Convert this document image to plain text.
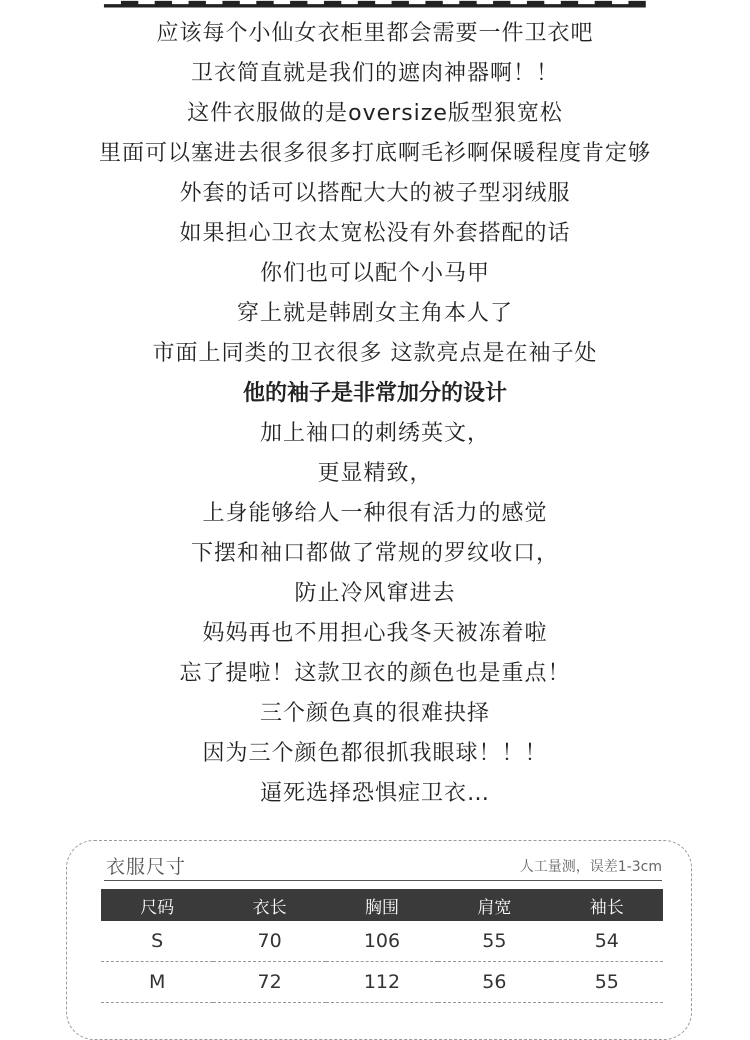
应该每个小仙女衣柜里都会需要一件卫衣吧
卫衣简直就是我们的遮肉神器啊！！
这件衣服做的是oversize版型狠宽松
里面可以塞进去很多很多打底啊毛衫啊保暖程度肯定够
外套的话可以搭配大大的被子型羽绒服
如果担心卫衣太宽松没有外套搭配的话
你们也可以配个小马甲
穿上就是韩剧女主角本人了
市面上同类的卫衣很多 这款亮点是在袖子处
他的袖子是非常加分的设计
加上袖口的刺绣英文，
更显精致，
上身能够给人一种很有活力的感觉
下摆和袖口都做了常规的罗纹收口，
防止冷风窜进去
妈妈再也不用担心我冬天被冻着啦
忘了提啦！这款卫衣的颜色也是重点！
三个颜色真的很难抉择
因为三个颜色都很抓我眼球！！！
逼死选择恐惧症卫衣…
衣服尺寸	人工量测，误差1-3cm
尺码	衣长	胸围	肩宽	袖长
S	70	106	55	54
M	72	112	56	55
